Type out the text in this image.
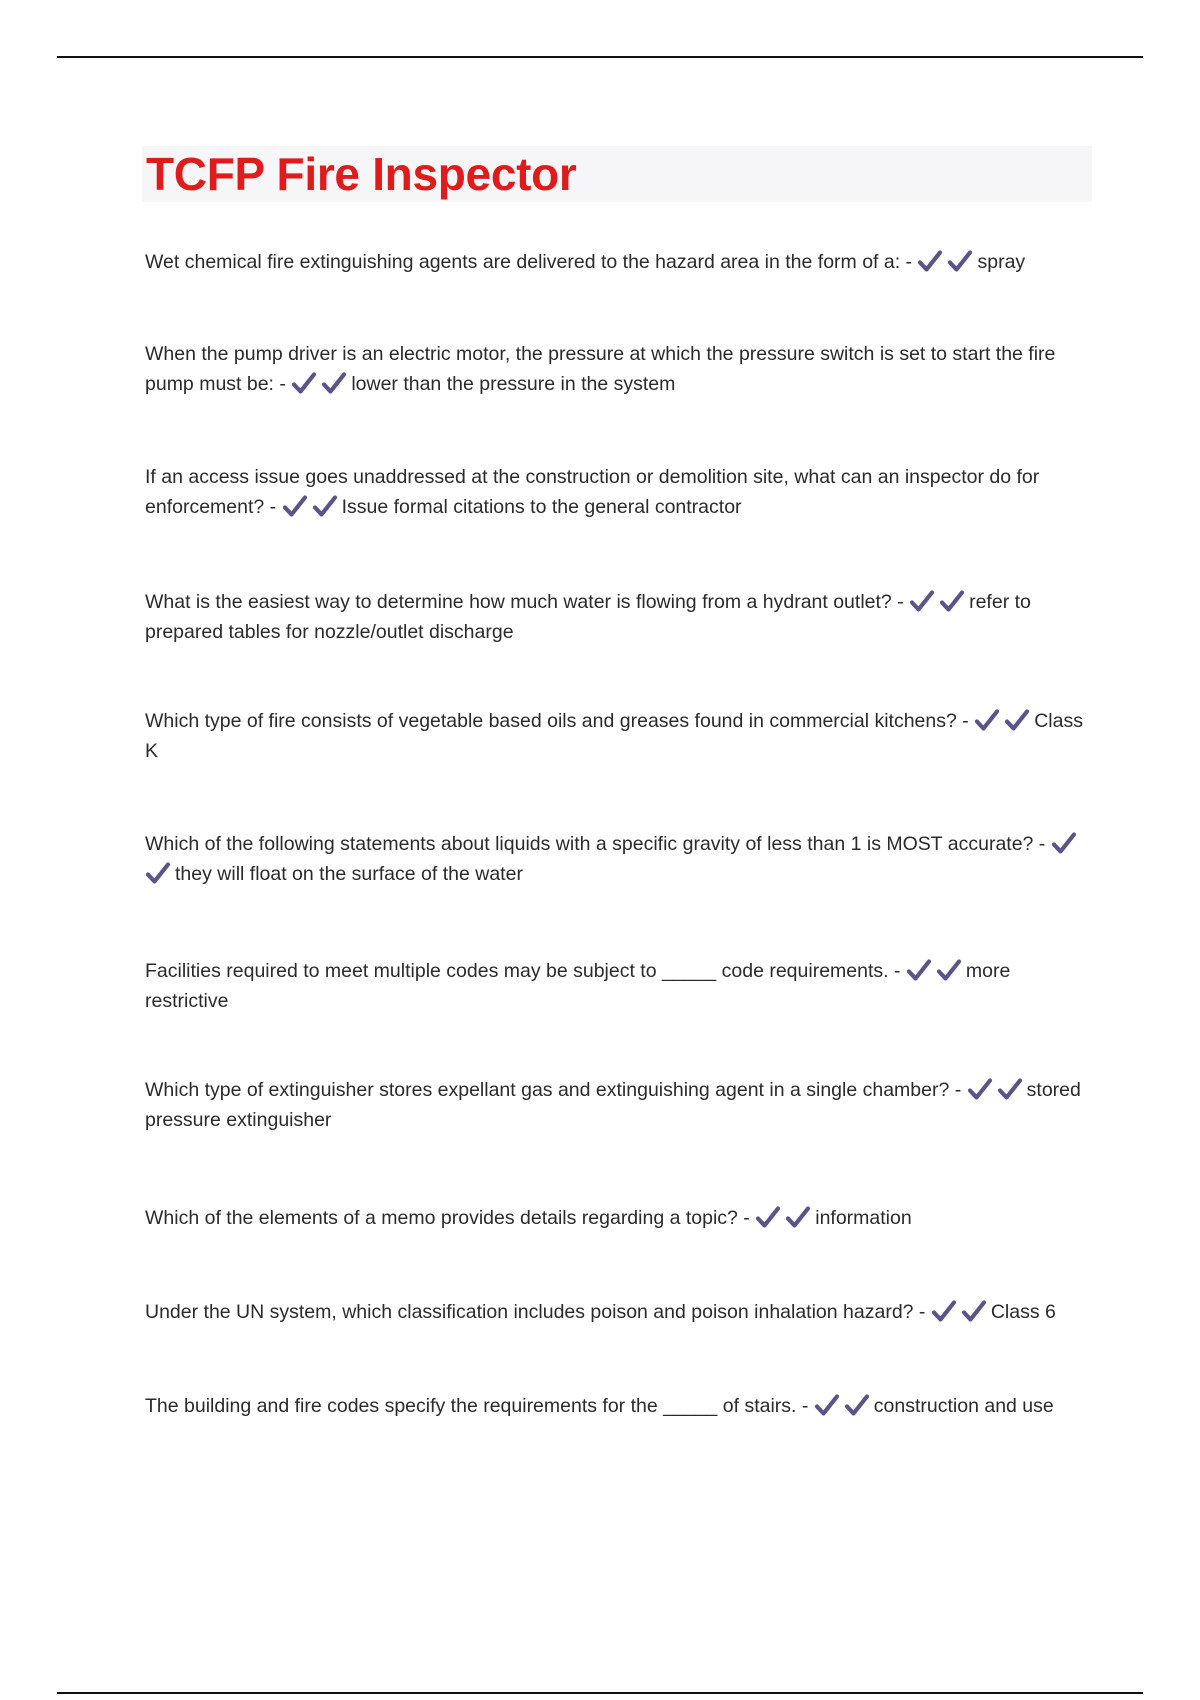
TCFP Fire Inspector

Wet chemical fire extinguishing agents are delivered to the hazard area in the form of a: -	spray

When the pump driver is an electric motor, the pressure at which the pressure switch is set to start the fire pump must be: -	lower than the pressure in the system

If an access issue goes unaddressed at the construction or demolition site, what can an inspector do for enforcement? -	Issue formal citations to the general contractor

What is the easiest way to determine how much water is flowing from a hydrant outlet? -	refer to prepared tables for nozzle/outlet discharge

Which type of fire consists of vegetable based oils and greases found in commercial kitchens? -	Class K

Which of the following statements about liquids with a specific gravity of less than 1 is MOST accurate? -
they will float on the surface of the water

Facilities required to meet multiple codes may be subject to _____ code requirements. -	more restrictive

Which type of extinguisher stores expellant gas and extinguishing agent in a single chamber? -	stored pressure extinguisher

Which of the elements of a memo provides details regarding a topic? -	information

Under the UN system, which classification includes poison and poison inhalation hazard? -	Class 6

The building and fire codes specify the requirements for the _____ of stairs. -	construction and use
